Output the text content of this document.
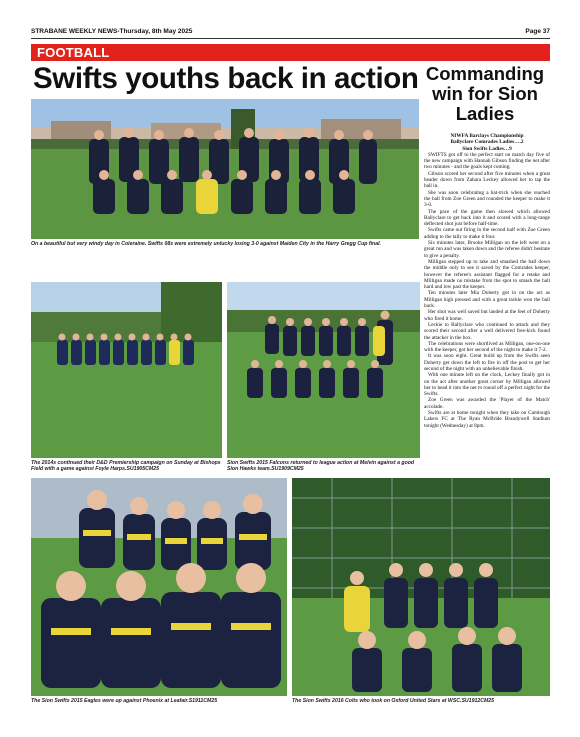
STRABANE WEEKLY NEWS-Thursday, 8th May 2025	Page 37
FOOTBALL
Swifts youths back in action Commanding win for Sion Ladies
On a beautiful but very windy day in Coleraine. Swifts 08s were extremely unlucky losing 3-0 against Maiden City in the Harry Gregg Cup final.
The 2014s continued their D&D Premiership campaign on Sunday at Bishops Field with a game against Foyle Harps.SU1905CM25
Sion Swifts 2015 Falcons returned to league action at Melvin against a good Sion Hawks team.SU1909CM25
The Sion Swifts 2015 Eagles were up against Phoenix at Leafair.S1911CM25	The Sion Swifts 2016 Colts who took on Oxford United Stars at WSC.SU1912CM25
NIWFA Barclays Championship
Ballyclare Comrades Ladies….2
Sion Swifts Ladies…9

SWIFTS got off to the perfect start on match day five of the new campaign with Hannah Gibson finding the net after two minutes - and the goals kept coming.

Gibson scored her second after five minutes when a great header down from Zahara Leckey allowed her to tap the ball in.

She was soon celebrating a hat-trick when she reached the ball from Zoe Green and rounded the keeper to make it 3-0.

The pace of the game then slowed which allowed Ballyclare to get back into it and scored with a long-range deflected shot just before half-time.

Swifts came out firing in the second half with Zoe Green adding to the tally to make it four.

Six minutes later, Brooke Milligan on the left went on a great run and was taken down and the referee didn't hesitate to give a penalty.

Milligan stepped up to take and smashed the ball down the middle only to see it saved by the Comrades keeper, however the referee's assistant flagged for a retake and Milligan made no mistake from the spot to smash the ball hard and low past the keeper.

Ten minutes later Mia Doherty got in on the act as Milligan high pressed and with a great tackle won the ball back.

Her shot was well saved but landed at the feet of Doherty who fired it home.

Leckie to Ballyclare who continued to attack and they scored their second after a well delivered free-kick found the attacker in the box.

The celebrations were shortlived as Milligan, one-on-one with the keeper, got her second of the night to make it 7-2.

It was soon eight. Great build up from the Swifts seen Doherty get down the left to fire in off the post to get her second of the night with an unbelievable finish.

With one minute left on the clock, Leckey finally got in on the act after another great corner by Milligan allowed her to head it into the net to round off a perfect night for the Swifts.

Zoe Green was awarded the 'Player of the Match' accolade.

Swifts are at home tonight when they take on Camlough Lakers FC at The Ryan McBride Brandywell Stadium tonight (Wednesday) at 8pm.
